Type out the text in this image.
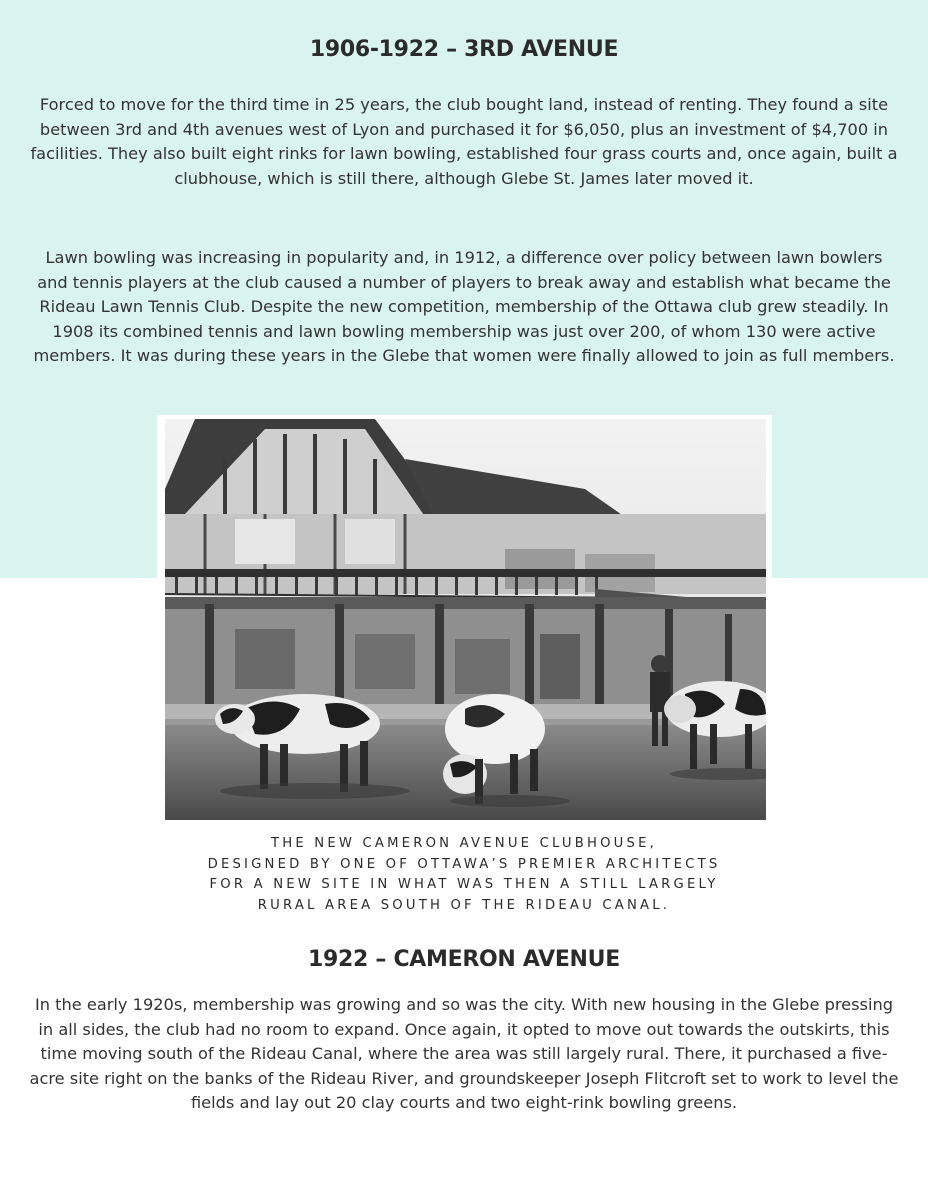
1906-1922 – 3RD AVENUE

Forced to move for the third time in 25 years, the club bought land, instead of renting. They found a site between 3rd and 4th avenues west of Lyon and purchased it for $6,050, plus an investment of $4,700 in facilities. They also built eight rinks for lawn bowling, established four grass courts and, once again, built a clubhouse, which is still there, although Glebe St. James later moved it.

Lawn bowling was increasing in popularity and, in 1912, a difference over policy between lawn bowlers and tennis players at the club caused a number of players to break away and establish what became the Rideau Lawn Tennis Club. Despite the new competition, membership of the Ottawa club grew steadily. In 1908 its combined tennis and lawn bowling membership was just over 200, of whom 130 were active members. It was during these years in the Glebe that women were finally allowed to join as full members.

THE NEW CAMERON AVENUE CLUBHOUSE,
DESIGNED BY ONE OF OTTAWA’S PREMIER ARCHITECTS
FOR A NEW SITE IN WHAT WAS THEN A STILL LARGELY
RURAL AREA SOUTH OF THE RIDEAU CANAL.

1922 – CAMERON AVENUE

In the early 1920s, membership was growing and so was the city. With new housing in the Glebe pressing in all sides, the club had no room to expand. Once again, it opted to move out towards the outskirts, this time moving south of the Rideau Canal, where the area was still largely rural. There, it purchased a five-acre site right on the banks of the Rideau River, and groundskeeper Joseph Flitcroft set to work to level the fields and lay out 20 clay courts and two eight-rink bowling greens.
